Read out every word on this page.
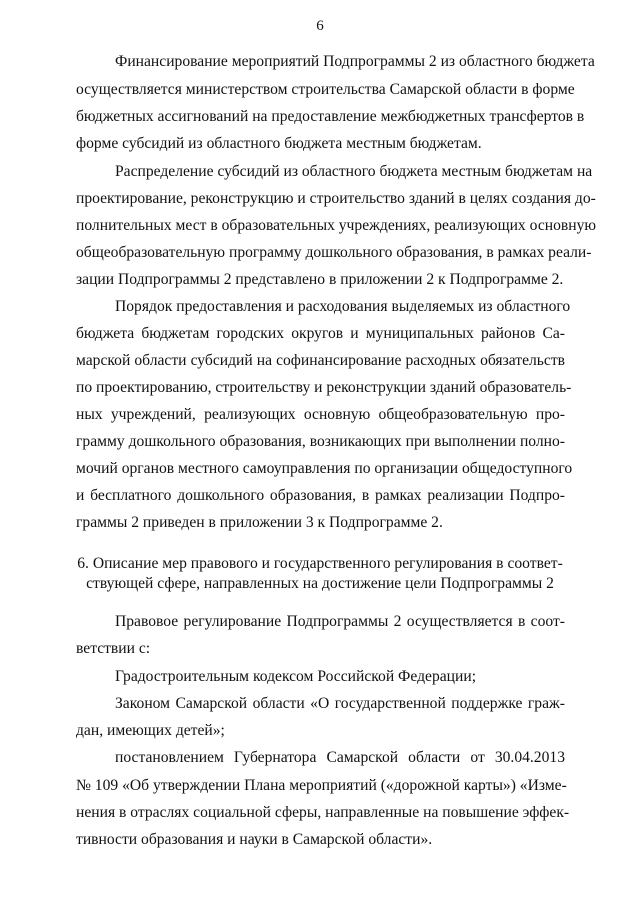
6
Финансирование мероприятий Подпрограммы 2 из областного бюджета
осуществляется министерством строительства Самарской области в форме
бюджетных ассигнований на предоставление межбюджетных трансфертов в
форме субсидий из областного бюджета местным бюджетам.
Распределение субсидий из областного бюджета местным бюджетам на
проектирование, реконструкцию и строительство зданий в целях создания до-
полнительных мест в образовательных учреждениях, реализующих основную
общеобразовательную программу дошкольного образования, в рамках реали-
зации Подпрограммы 2 представлено в приложении 2 к Подпрограмме 2.
Порядок предоставления и расходования выделяемых из областного
бюджета бюджетам городских округов и муниципальных районов Са-
марской области субсидий на софинансирование расходных обязательств
по проектированию, строительству и реконструкции зданий образователь-
ных учреждений, реализующих основную общеобразовательную про-
грамму дошкольного образования, возникающих при выполнении полно-
мочий органов местного самоуправления по организации общедоступного
и бесплатного дошкольного образования, в рамках реализации Подпро-
граммы 2 приведен в приложении 3 к Подпрограмме 2.
6. Описание мер правового и государственного регулирования в соответ-
ствующей сфере, направленных на достижение цели Подпрограммы 2
Правовое регулирование Подпрограммы 2 осуществляется в соот-
ветствии с:
Градостроительным кодексом Российской Федерации;
Законом Самарской области «О государственной поддержке граж-
дан, имеющих детей»;
постановлением Губернатора Самарской области от 30.04.2013
№ 109 «Об утверждении Плана мероприятий («дорожной карты») «Изме-
нения в отраслях социальной сферы, направленные на повышение эффек-
тивности образования и науки в Самарской области».
